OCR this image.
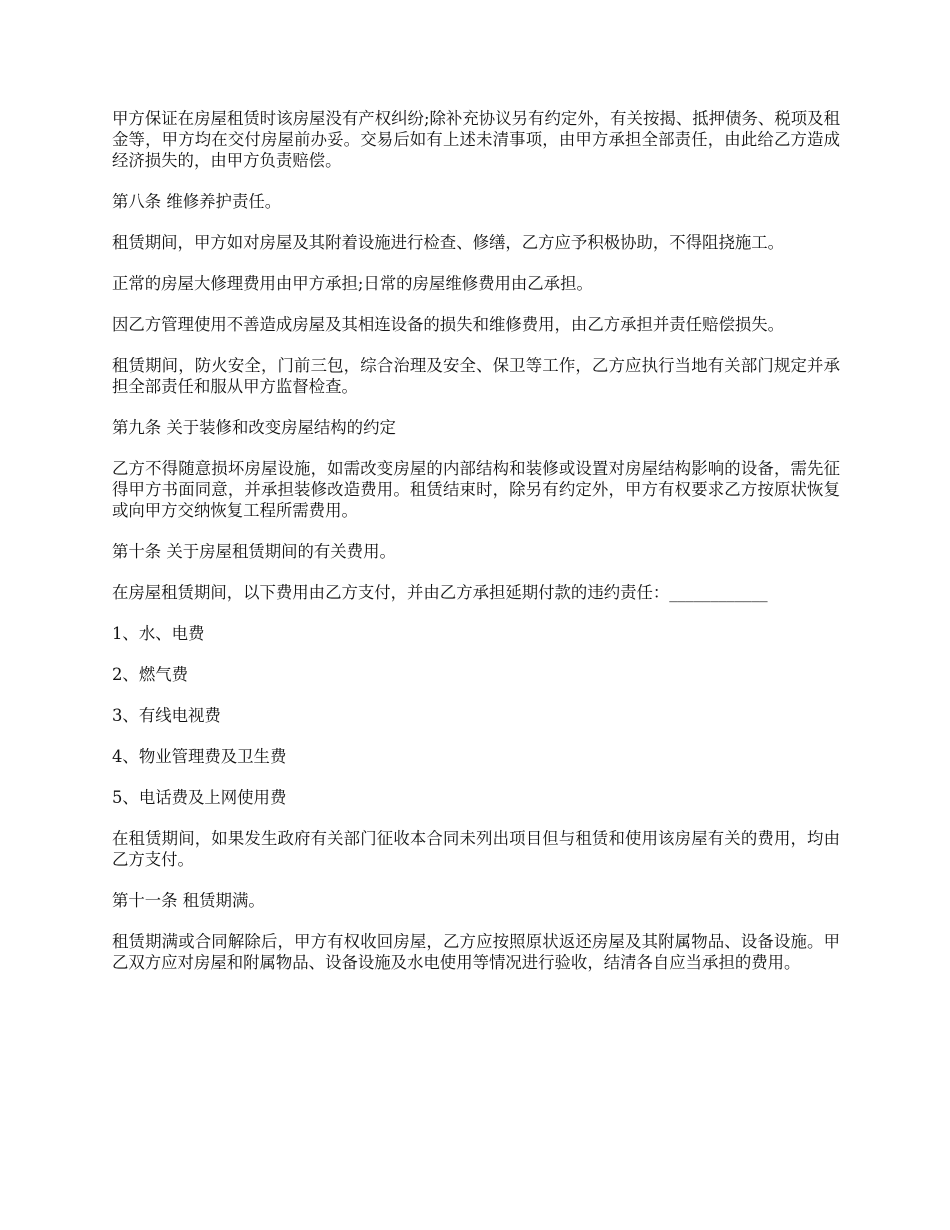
甲方保证在房屋租赁时该房屋没有产权纠纷;除补充协议另有约定外，有关按揭、抵押债务、税项及租金等，甲方均在交付房屋前办妥。交易后如有上述未清事项，由甲方承担全部责任，由此给乙方造成经济损失的，由甲方负责赔偿。

第八条 维修养护责任。

租赁期间，甲方如对房屋及其附着设施进行检查、修缮，乙方应予积极协助，不得阻挠施工。

正常的房屋大修理费用由甲方承担;日常的房屋维修费用由乙承担。

因乙方管理使用不善造成房屋及其相连设备的损失和维修费用，由乙方承担并责任赔偿损失。

租赁期间，防火安全，门前三包，综合治理及安全、保卫等工作，乙方应执行当地有关部门规定并承担全部责任和服从甲方监督检查。

第九条 关于装修和改变房屋结构的约定

乙方不得随意损坏房屋设施，如需改变房屋的内部结构和装修或设置对房屋结构影响的设备，需先征得甲方书面同意，并承担装修改造费用。租赁结束时，除另有约定外，甲方有权要求乙方按原状恢复或向甲方交纳恢复工程所需费用。

第十条 关于房屋租赁期间的有关费用。

在房屋租赁期间，以下费用由乙方支付，并由乙方承担延期付款的违约责任：____________

1、水、电费

2、燃气费

3、有线电视费

4、物业管理费及卫生费

5、电话费及上网使用费

在租赁期间，如果发生政府有关部门征收本合同未列出项目但与租赁和使用该房屋有关的费用，均由乙方支付。

第十一条 租赁期满。

租赁期满或合同解除后，甲方有权收回房屋，乙方应按照原状返还房屋及其附属物品、设备设施。甲乙双方应对房屋和附属物品、设备设施及水电使用等情况进行验收，结清各自应当承担的费用。
